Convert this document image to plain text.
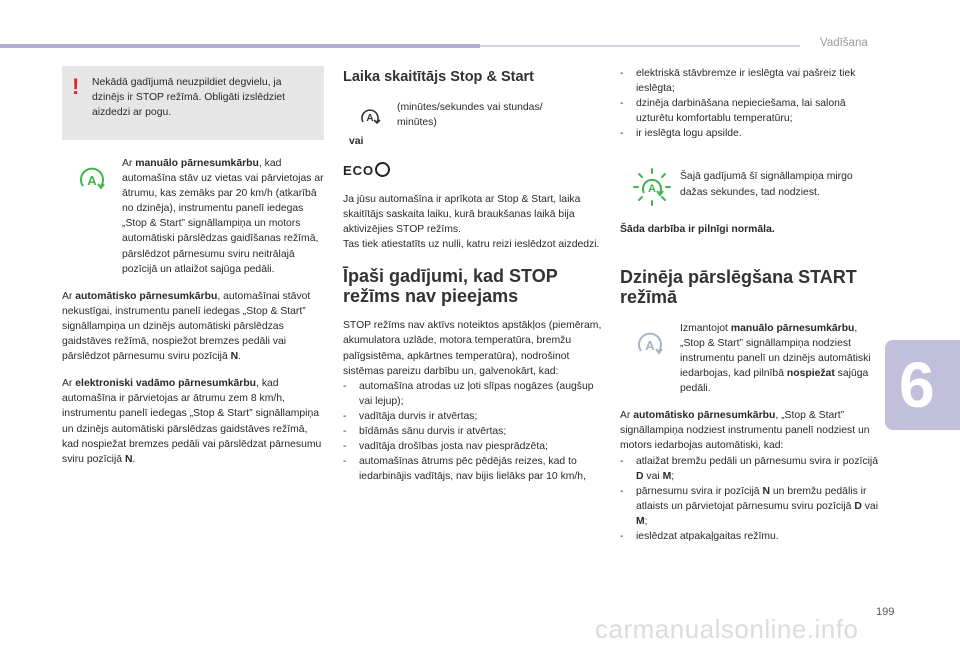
Vadīšana
! Nekādā gadījumā neuzpildiet degvielu, ja dzinējs ir STOP režīmā. Obligāti izslēdziet aizdedzi ar pogu.

A

Ar manuālo pārnesumkārbu, kad automašīna stāv uz vietas vai pārvietojas ar ātrumu, kas zemāks par 20 km/h (atkarībā no dzinēja), instrumentu panelī iedegas „Stop & Start” signāllampiņa un motors automātiski pārslēdzas gaidīšanas režīmā, pārslēdzot pārnesumu sviru neitrālajā pozīcijā un atlaižot sajūga pedāli.

Ar automātisko pārnesumkārbu, automašīnai stāvot nekustīgai, instrumentu panelī iedegas „Stop & Start” signāllampiņa un dzinējs automātiski pārslēdzas gaidstāves režīmā, nospiežot bremzes pedāli vai pārslēdzot pārnesumu sviru pozīcijā N.

Ar elektroniski vadāmo pārnesumkārbu, kad automašīna ir pārvietojas ar ātrumu zem 8 km/h, instrumentu panelī iedegas „Stop & Start” signāllampiņa un dzinējs automātiski pārslēdzas gaidstāves režīmā, kad nospiežat bremzes pedāli vai pārslēdzat pārnesumu sviru pozīcijā N.

Laika skaitītājs Stop & Start
A
vai

(minūtes/sekundes vai stundas/ minūtes)

ECO

Ja jūsu automašīna ir aprīkota ar Stop & Start, laika skaitītājs saskaita laiku, kurā braukšanas laikā bija aktivizējies STOP režīms.

Tas tiek atiestatīts uz nulli, katru reizi ieslēdzot aizdedzi.

Īpaši gadījumi, kad STOP režīms nav pieejams

STOP režīms nav aktīvs noteiktos apstākļos (piemēram, akumulatora uzlāde, motora temperatūra, bremžu palīgsistēma, apkārtnes temperatūra), nodrošinot sistēmas pareizu darbību un, galvenokārt, kad:

- automašīna atrodas uz ļoti slīpas nogāzes (augšup vai lejup);
- vadītāja durvis ir atvērtas;
- bīdāmās sānu durvis ir atvērtas;
- vadītāja drošības josta nav piesprādzēta;
- automašīnas ātrums pēc pēdējās reizes, kad to iedarbinājis vadītājs, nav bijis lielāks par 10 km/h,
- elektriskā stāvbremze ir ieslēgta vai pašreiz tiek ieslēgta;
- dzinēja darbināšana nepieciešama, lai salonā uzturētu komfortablu temperatūru;
- ir ieslēgta logu apsilde.
A

Šajā gadījumā šī signāllampiņa mirgo dažas sekundes, tad nodziest.

Šāda darbība ir pilnīgi normāla.

Dzinēja pārslēgšana START režīmā
A

Izmantojot manuālo pārnesumkārbu, „Stop & Start” signāllampiņa nodziest instrumentu panelī un dzinējs automātiski iedarbojas, kad pilnībā nospiežat sajūga pedāli.

Ar automātisko pārnesumkārbu, „Stop & Start” signāllampiņa nodziest instrumentu panelī nodziest un motors iedarbojas automātiski, kad:

- atlaižat bremžu pedāli un pārnesumu svira ir pozīcijā D vai M;
- pārnesumu svira ir pozīcijā N un bremžu pedālis ir atlaists un pārvietojat pārnesumu sviru pozīcijā D vai M;
- ieslēdzat atpakaļgaitas režīmu.
6
199
carmanualsonline.info
